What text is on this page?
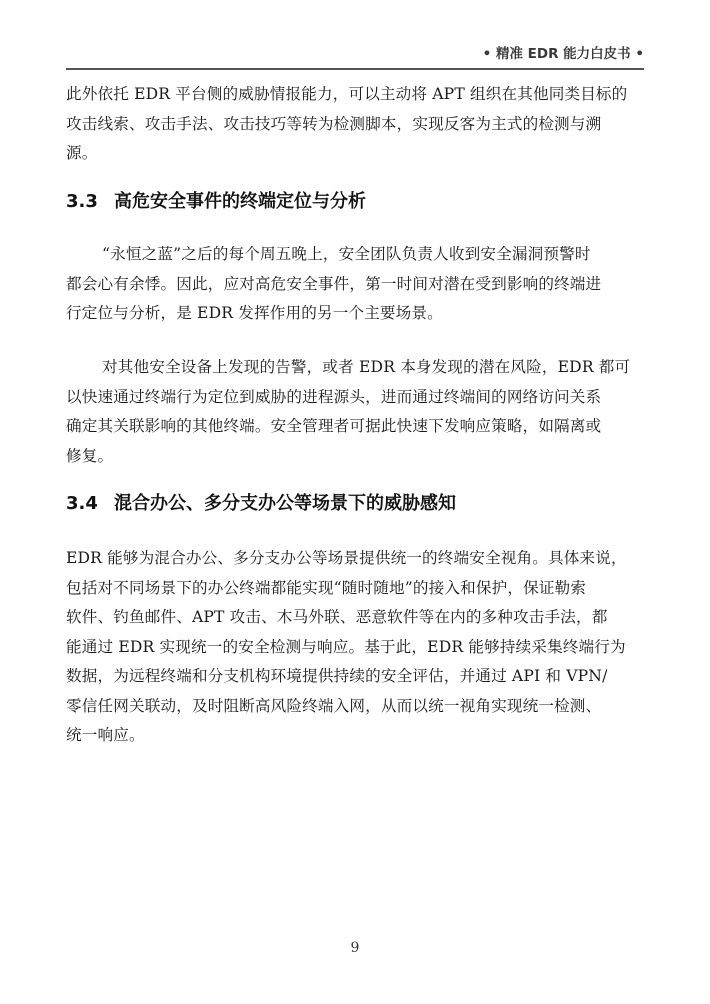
• 精准 EDR 能力白皮书 •

此外依托 EDR 平台侧的威胁情报能力，可以主动将 APT 组织在其他同类目标的
攻击线索、攻击手法、攻击技巧等转为检测脚本，实现反客为主式的检测与溯
源。

3.3 高危安全事件的终端定位与分析

“永恒之蓝”之后的每个周五晚上，安全团队负责人收到安全漏洞预警时
都会心有余悸。因此，应对高危安全事件，第一时间对潜在受到影响的终端进
行定位与分析，是 EDR 发挥作用的另一个主要场景。

对其他安全设备上发现的告警，或者 EDR 本身发现的潜在风险，EDR 都可
以快速通过终端行为定位到威胁的进程源头，进而通过终端间的网络访问关系
确定其关联影响的其他终端。安全管理者可据此快速下发响应策略，如隔离或
修复。

3.4 混合办公、多分支办公等场景下的威胁感知

EDR 能够为混合办公、多分支办公等场景提供统一的终端安全视角。具体来说，
包括对不同场景下的办公终端都能实现“随时随地”的接入和保护，保证勒索
软件、钓鱼邮件、APT 攻击、木马外联、恶意软件等在内的多种攻击手法，都
能通过 EDR 实现统一的安全检测与响应。基于此，EDR 能够持续采集终端行为
数据，为远程终端和分支机构环境提供持续的安全评估，并通过 API 和 VPN/
零信任网关联动，及时阻断高风险终端入网，从而以统一视角实现统一检测、
统一响应。

9
